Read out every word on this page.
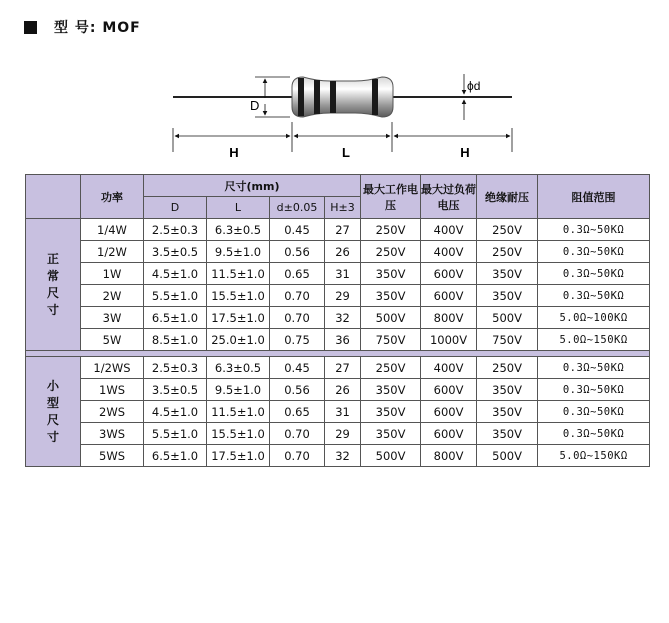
型 号: MOF
D
ϕd
H	L	H
	功率	尺寸(mm)				最大工作电压	最大过负荷电压	绝缘耐压	阻值范围
		D	L	d±0.05	H±3				

正
常
尺
寸	1/4W	2.5±0.3	6.3±0.5	0.45	27	250V	400V	250V	0.3Ω~50KΩ
	1/2W	3.5±0.5	9.5±1.0	0.56	26	250V	400V	250V	0.3Ω~50KΩ
	1W	4.5±1.0	11.5±1.0	0.65	31	350V	600V	350V	0.3Ω~50KΩ
	2W	5.5±1.0	15.5±1.0	0.70	29	350V	600V	350V	0.3Ω~50KΩ
	3W	6.5±1.0	17.5±1.0	0.70	32	500V	800V	500V	5.0Ω~100KΩ
	5W	8.5±1.0	25.0±1.0	0.75	36	750V	1000V	750V	5.0Ω~150KΩ

小
型
尺
寸	1/2WS	2.5±0.3	6.3±0.5	0.45	27	250V	400V	250V	0.3Ω~50KΩ
	1WS	3.5±0.5	9.5±1.0	0.56	26	350V	600V	350V	0.3Ω~50KΩ
	2WS	4.5±1.0	11.5±1.0	0.65	31	350V	600V	350V	0.3Ω~50KΩ
	3WS	5.5±1.0	15.5±1.0	0.70	29	350V	600V	350V	0.3Ω~50KΩ
	5WS	6.5±1.0	17.5±1.0	0.70	32	500V	800V	500V	5.0Ω~150KΩ
